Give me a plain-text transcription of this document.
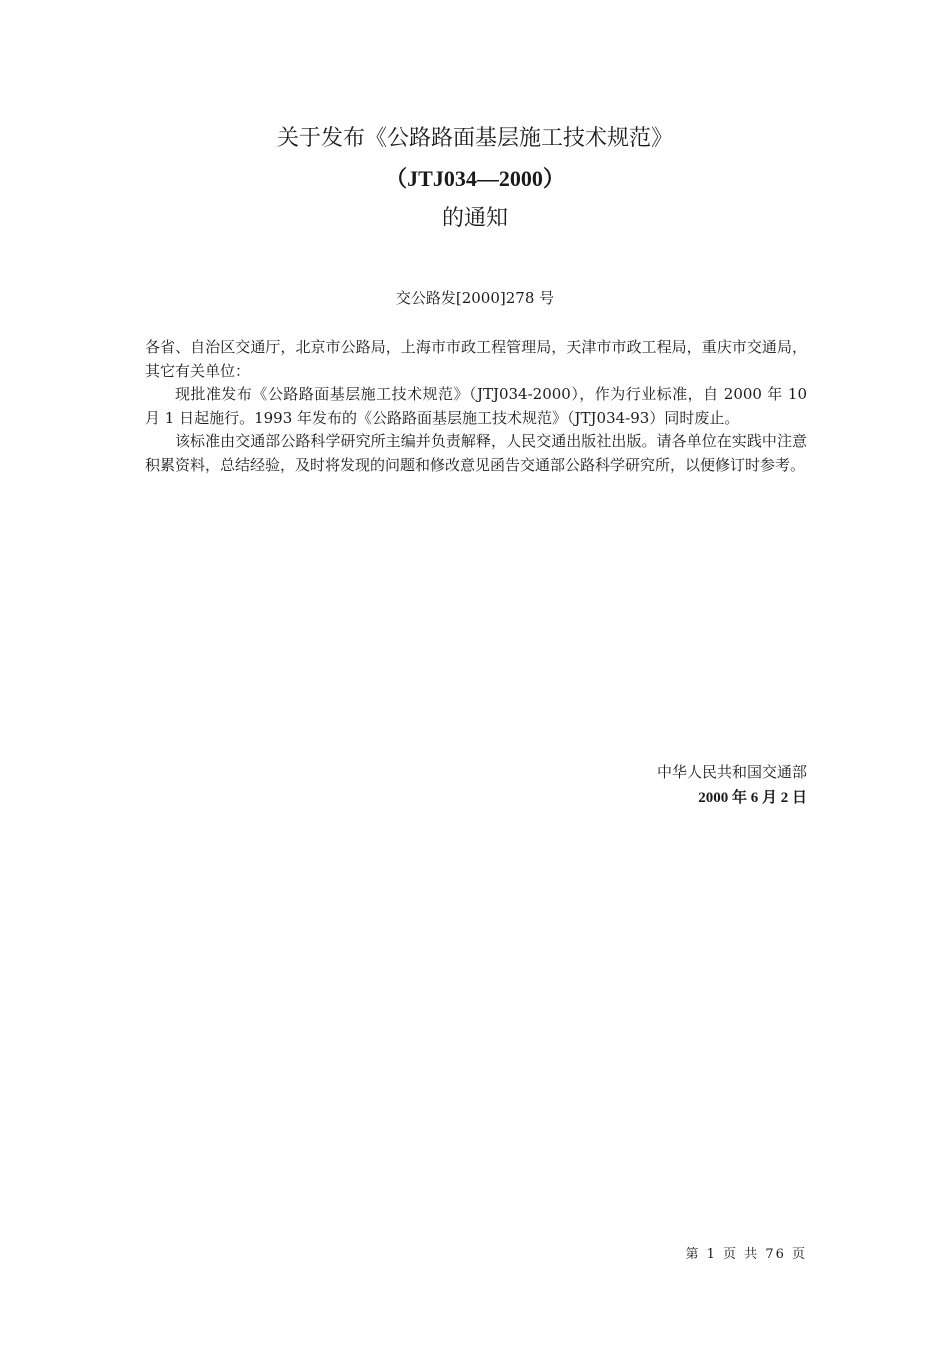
关于发布《公路路面基层施工技术规范》
（JTJ034—2000）
的通知
交公路发[2000]278 号

各省、自治区交通厅，北京市公路局，上海市市政工程管理局，天津市市政工程局，重庆市交通局，其它有关单位：

现批准发布《公路路面基层施工技术规范》（JTJ034-2000），作为行业标准，自 2000 年 10 月 1 日起施行。1993 年发布的《公路路面基层施工技术规范》（JTJ034-93）同时废止。

该标准由交通部公路科学研究所主编并负责解释，人民交通出版社出版。请各单位在实践中注意积累资料，总结经验，及时将发现的问题和修改意见函告交通部公路科学研究所，以便修订时参考。

中华人民共和国交通部
2000 年 6 月 2 日
第 1 页 共 76 页
